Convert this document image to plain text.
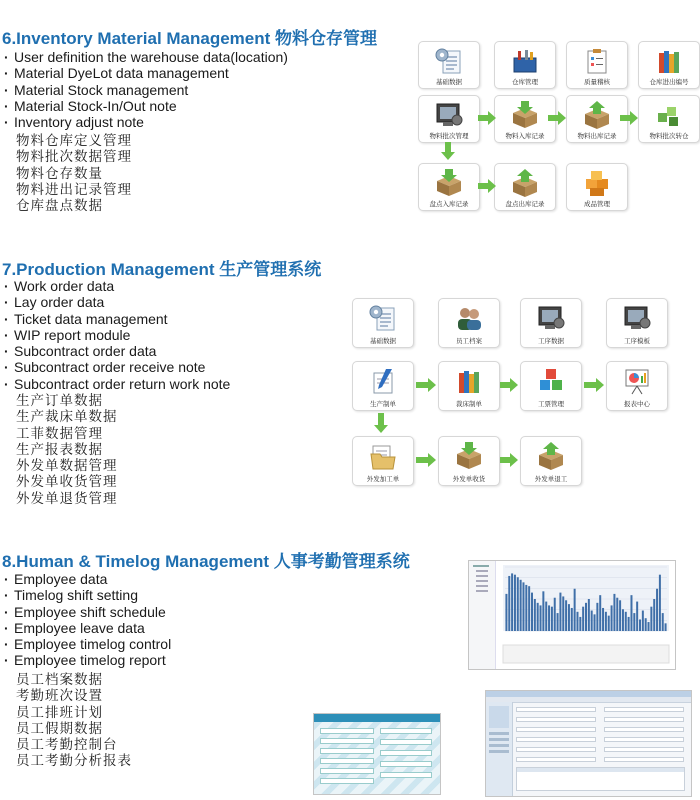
6.Inventory Material Management 物料仓存管理
· User definition the warehouse data(location)
· Material DyeLot data management
· Material Stock management
· Material Stock-In/Out note
· Inventory adjust note
物料仓库定义管理
物料批次数据管理
物料仓存数量
物料进出记录管理
仓库盘点数据
基础数据	仓库管理	质量稽核	仓库进出编号
物料批次管理	物料入库记录	物料出库记录	物料批次转仓
盘点入库记录	盘点出库记录	成品管理
7.Production Management 生产管理系统
· Work order data
· Lay order data
· Ticket data management
· WIP report module
· Subcontract order data
· Subcontract order receive note
· Subcontract order return work note
生产订单数据
生产裁床单数据
工菲数据管理
生产报表数据
外发单数据管理
外发单收货管理
外发单退货管理
基础数据	员工档案	工序数据	工序模板
生产制单	裁床制单	工票管理	报表中心
外发加工单	外发单收货	外发单退工
8.Human & Timelog Management 人事考勤管理系统
· Employee data
· Timelog shift setting
· Employee shift schedule
· Employee leave data
· Employee timelog control
· Employee timelog report
员工档案数据
考勤班次设置
员工排班计划
员工假期数据
员工考勤控制台
员工考勤分析报表
